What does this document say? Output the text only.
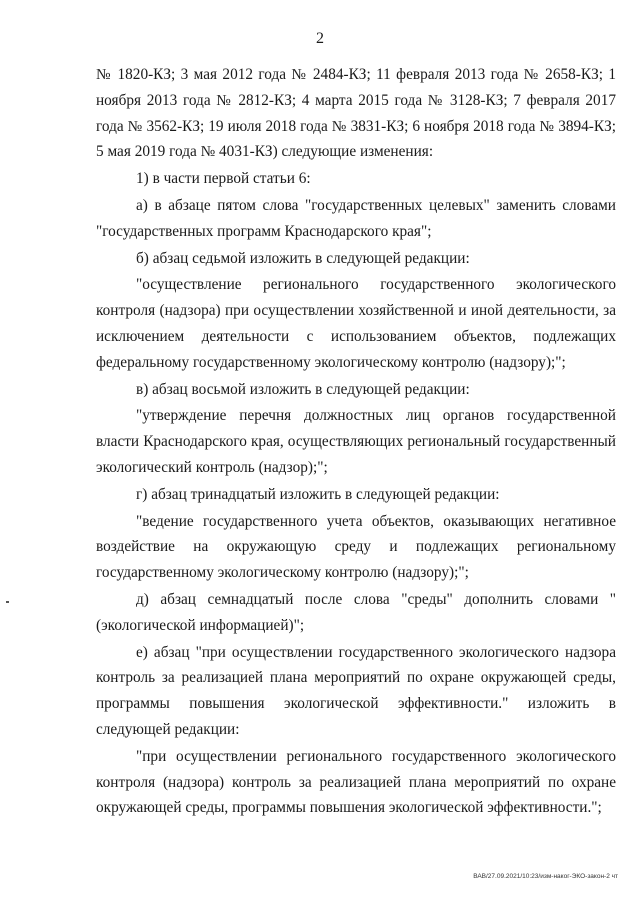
2

№ 1820-КЗ; 3 мая 2012 года № 2484-КЗ; 11 февраля 2013 года № 2658-КЗ; 1 ноября 2013 года № 2812-КЗ; 4 марта 2015 года № 3128-КЗ; 7 февраля 2017 года № 3562-КЗ; 19 июля 2018 года № 3831-КЗ; 6 ноября 2018 года № 3894-КЗ; 5 мая 2019 года № 4031-КЗ) следующие изменения:

1) в части первой статьи 6:

а) в абзаце пятом слова "государственных целевых" заменить словами "государственных программ Краснодарского края";

б) абзац седьмой изложить в следующей редакции:

"осуществление регионального государственного экологического контроля (надзора) при осуществлении хозяйственной и иной деятельности, за исключением деятельности с использованием объектов, подлежащих федеральному государственному экологическому контролю (надзору);";

в) абзац восьмой изложить в следующей редакции:

"утверждение перечня должностных лиц органов государственной власти Краснодарского края, осуществляющих региональный государственный экологический контроль (надзор);";

г) абзац тринадцатый изложить в следующей редакции:

"ведение государственного учета объектов, оказывающих негативное воздействие на окружающую среду и подлежащих региональному государственному экологическому контролю (надзору);";

д) абзац семнадцатый после слова "среды" дополнить словами "(экологической информацией)";

е) абзац "при осуществлении государственного экологического надзора контроль за реализацией плана мероприятий по охране окружающей среды, программы повышения экологической эффективности." изложить в следующей редакции:

"при осуществлении регионального государственного экологического контроля (надзора) контроль за реализацией плана мероприятий по охране окружающей среды, программы повышения экологической эффективности.";

ВАВ/27.09.2021/10:23/изм-наког-ЭКО-закон-2 чт
